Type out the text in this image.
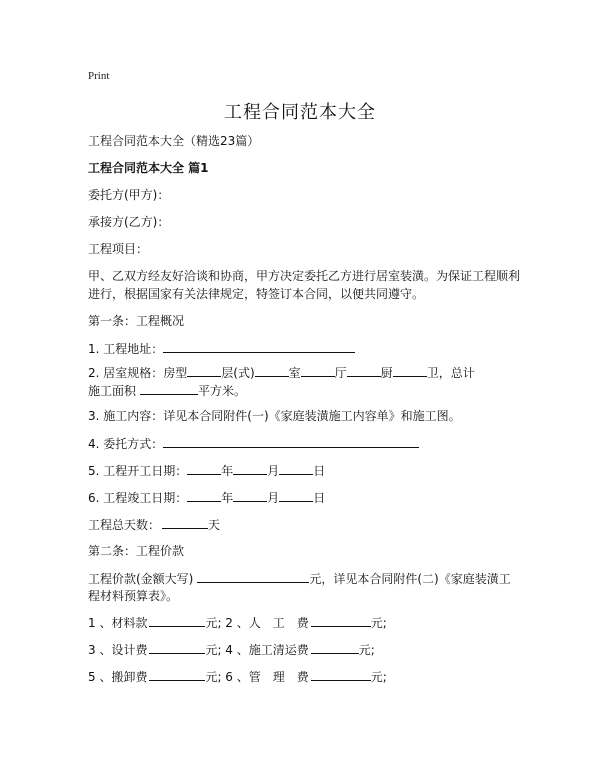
Print
工程合同范本大全
工程合同范本大全（精选23篇）
工程合同范本大全 篇1
委托方(甲方)：
承接方(乙方)：
工程项目：
甲、乙双方经友好洽谈和协商，甲方决定委托乙方进行居室装潢。为保证工程顺利
进行，根据国家有关法律规定，特签订本合同，以便共同遵守。
第一条：工程概况
1. 工程地址：
2. 居室规格：房型	层(式)	室	厅	厨	卫，总计
施工面积	平方米。
3. 施工内容：详见本合同附件(一)《家庭装潢施工内容单》和施工图。
4. 委托方式：
5. 工程开工日期：	年	月	日
6. 工程竣工日期：	年	月	日
工程总天数：	天
第二条：工程价款
工程价款(金额大写)	元，详见本合同附件(二)《家庭装潢工
程材料预算表》。
1 、材料款	元; 2 、人　工　费	元;
3 、设计费	元; 4 、施工清运费	元;
5 、搬卸费	元; 6 、管　理　费	元;
